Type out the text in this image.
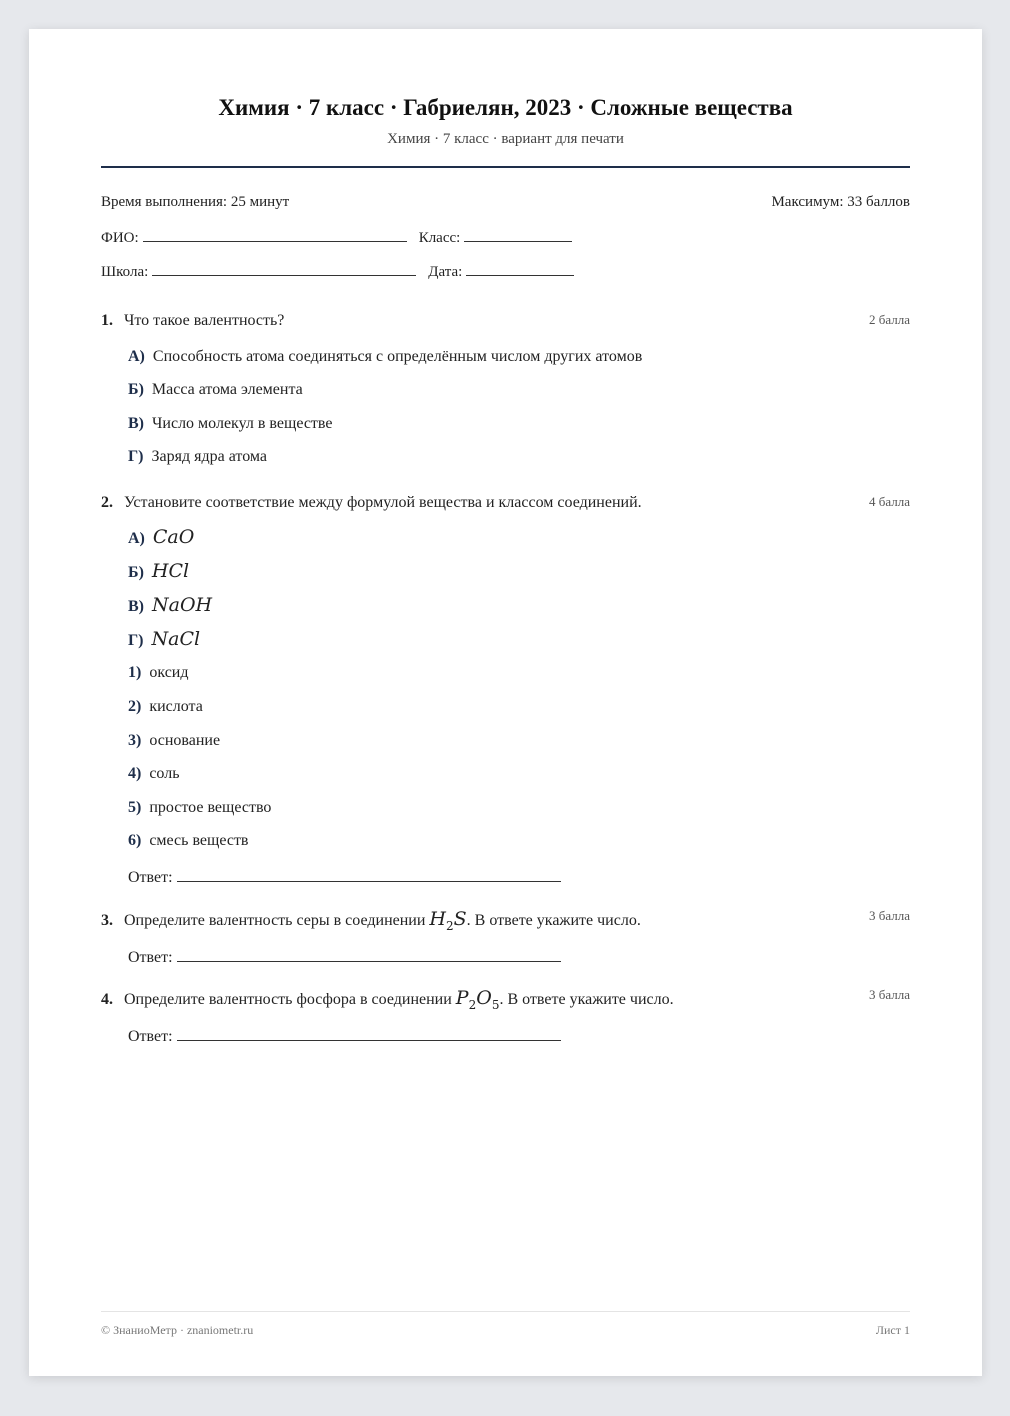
Химия · 7 класс · Габриелян, 2023 · Сложные вещества
Химия · 7 класс · вариант для печати
Время выполнения: 25 минут	Максимум: 33 баллов
ФИО:	Класс:
Школа:	Дата:
1. Что такое валентность?	2 балла
А) Способность атома соединяться с определённым числом других атомов
Б) Масса атома элемента
В) Число молекул в веществе
Г) Заряд ядра атома
2. Установите соответствие между формулой вещества и классом соединений.	4 балла
А) CaO
Б) HCl
В) NaOH
Г) NaCl
1) оксид
2) кислота
3) основание
4) соль
5) простое вещество
6) смесь веществ
Ответ:
3. Определите валентность серы в соединении $H_2S$. В ответе укажите число.	3 балла
Ответ:
4. Определите валентность фосфора в соединении $P_2O_5$. В ответе укажите число.	3 балла
Ответ:
© ЗнаниоМетр · znaniometr.ru	Лист 1
